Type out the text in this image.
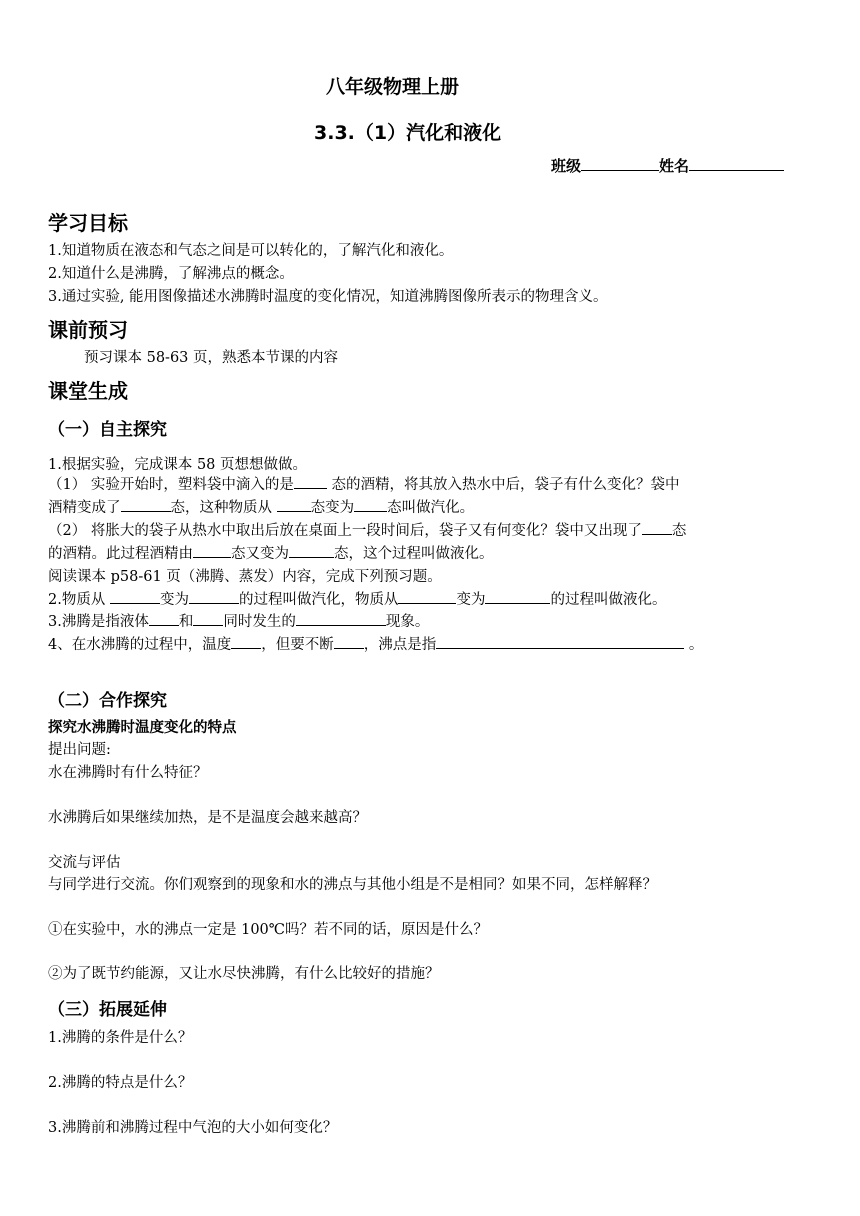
八年级物理上册
3.3.（1）汽化和液化
班级	姓名
学习目标
1.知道物质在液态和气态之间是可以转化的，了解汽化和液化。
2.知道什么是沸腾，了解沸点的概念。
3.通过实验, 能用图像描述水沸腾时温度的变化情况，知道沸腾图像所表示的物理含义。
课前预习
预习课本 58-63 页，熟悉本节课的内容
课堂生成
（一）自主探究
1.根据实验，完成课本 58 页想想做做。
（1） 实验开始时，塑料袋中滴入的是 态的酒精，将其放入热水中后，袋子有什么变化？袋中
酒精变成了	态，这种物质从 态变为 态叫做汽化。
（2） 将胀大的袋子从热水中取出后放在桌面上一段时间后，袋子又有何变化？袋中又出现了 态
的酒精。此过程酒精由	态又变为	态，这个过程叫做液化。
阅读课本 p58-61 页（沸腾、蒸发）内容，完成下列预习题。
2.物质从	变为	的过程叫做汽化，物质从	变为	的过程叫做液化。
3.沸腾是指液体 和 同时发生的	现象。
4、在水沸腾的过程中，温度 ，但要不断 ，沸点是指	。
（二）合作探究
探究水沸腾时温度变化的特点
提出问题:
水在沸腾时有什么特征？
水沸腾后如果继续加热，是不是温度会越来越高？
交流与评估
与同学进行交流。你们观察到的现象和水的沸点与其他小组是不是相同？如果不同，怎样解释？
①在实验中，水的沸点一定是 100℃吗？若不同的话，原因是什么？
②为了既节约能源，又让水尽快沸腾，有什么比较好的措施？
（三）拓展延伸
1.沸腾的条件是什么？
2.沸腾的特点是什么？
3.沸腾前和沸腾过程中气泡的大小如何变化？
